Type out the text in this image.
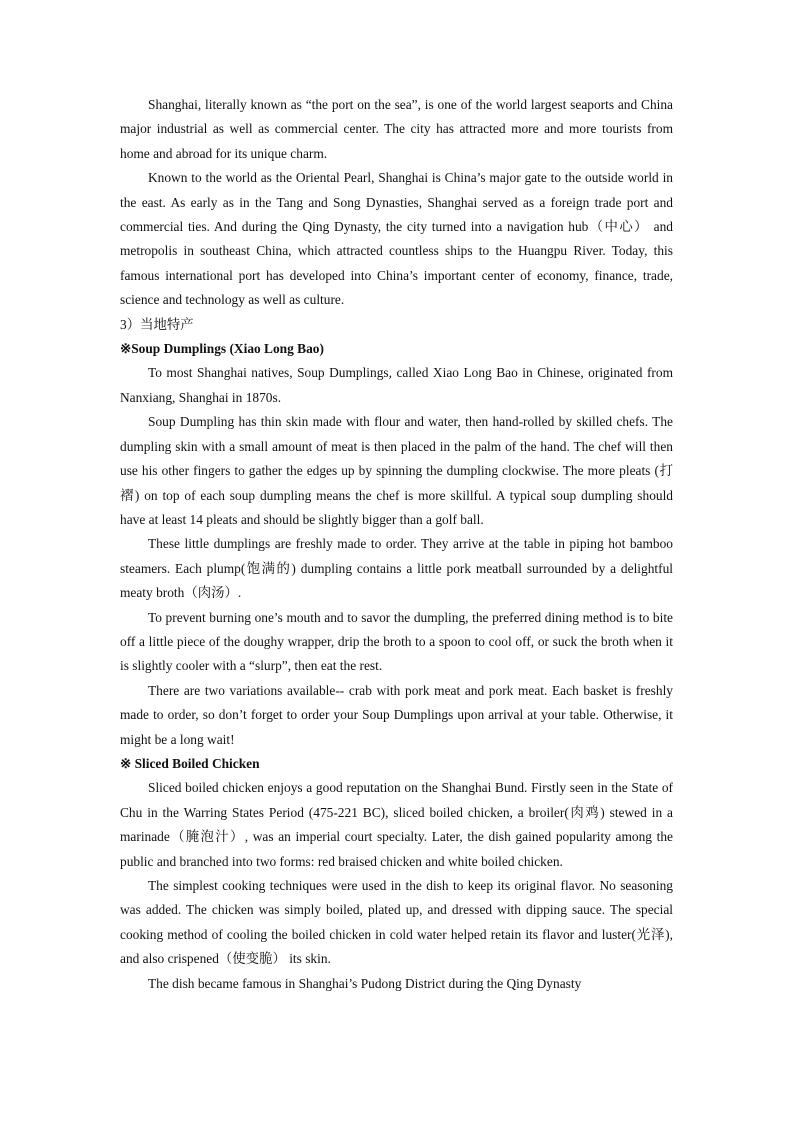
Shanghai, literally known as “the port on the sea”, is one of the world largest seaports and China major industrial as well as commercial center. The city has attracted more and more tourists from home and abroad for its unique charm.

Known to the world as the Oriental Pearl, Shanghai is China’s major gate to the outside world in the east. As early as in the Tang and Song Dynasties, Shanghai served as a foreign trade port and commercial ties. And during the Qing Dynasty, the city turned into a navigation hub（中心） and metropolis in southeast China, which attracted countless ships to the Huangpu River. Today, this famous international port has developed into China’s important center of economy, finance, trade, science and technology as well as culture.

3）当地特产

※Soup Dumplings (Xiao Long Bao)

To most Shanghai natives, Soup Dumplings, called Xiao Long Bao in Chinese, originated from Nanxiang, Shanghai in 1870s.

Soup Dumpling has thin skin made with flour and water, then hand-rolled by skilled chefs. The dumpling skin with a small amount of meat is then placed in the palm of the hand. The chef will then use his other fingers to gather the edges up by spinning the dumpling clockwise. The more pleats (打褶) on top of each soup dumpling means the chef is more skillful. A typical soup dumpling should have at least 14 pleats and should be slightly bigger than a golf ball.

These little dumplings are freshly made to order. They arrive at the table in piping hot bamboo steamers. Each plump(饱满的) dumpling contains a little pork meatball surrounded by a delightful meaty broth（肉汤）.

To prevent burning one’s mouth and to savor the dumpling, the preferred dining method is to bite off a little piece of the doughy wrapper, drip the broth to a spoon to cool off, or suck the broth when it is slightly cooler with a “slurp”, then eat the rest.

There are two variations available-- crab with pork meat and pork meat. Each basket is freshly made to order, so don’t forget to order your Soup Dumplings upon arrival at your table. Otherwise, it might be a long wait!

※ Sliced Boiled Chicken

Sliced boiled chicken enjoys a good reputation on the Shanghai Bund. Firstly seen in the State of Chu in the Warring States Period (475-221 BC), sliced boiled chicken, a broiler(肉鸡) stewed in a marinade（腌泡汁）, was an imperial court specialty. Later, the dish gained popularity among the public and branched into two forms: red braised chicken and white boiled chicken.

The simplest cooking techniques were used in the dish to keep its original flavor. No seasoning was added. The chicken was simply boiled, plated up, and dressed with dipping sauce. The special cooking method of cooling the boiled chicken in cold water helped retain its flavor and luster(光泽), and also crispened（使变脆） its skin.

The dish became famous in Shanghai’s Pudong District during the Qing Dynasty
